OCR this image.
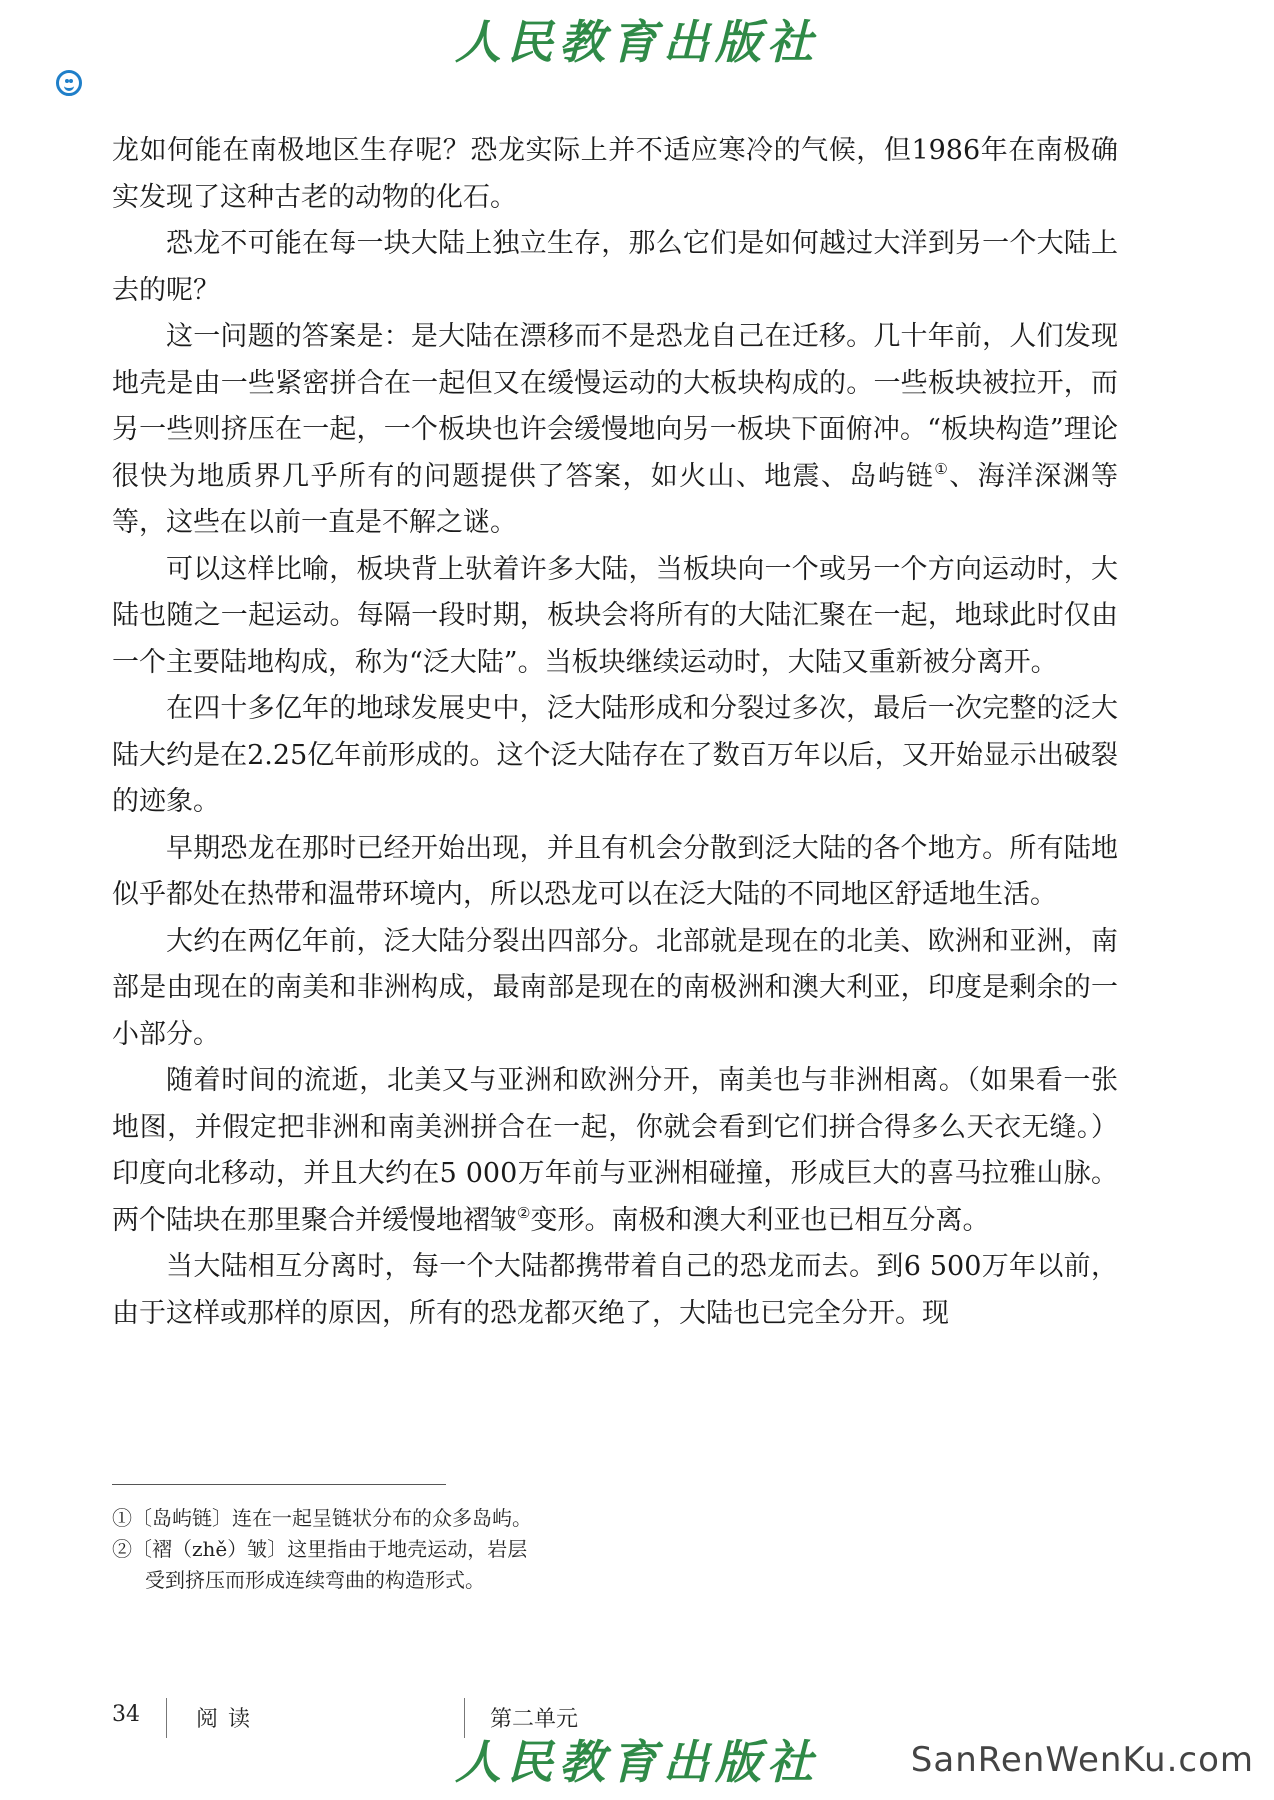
人民教育出版社

龙如何能在南极地区生存呢？恐龙实际上并不适应寒冷的气候，但1986年在南极确实发现了这种古老的动物的化石。

恐龙不可能在每一块大陆上独立生存，那么它们是如何越过大洋到另一个大陆上去的呢？

这一问题的答案是：是大陆在漂移而不是恐龙自己在迁移。几十年前，人们发现地壳是由一些紧密拼合在一起但又在缓慢运动的大板块构成的。一些板块被拉开，而另一些则挤压在一起，一个板块也许会缓慢地向另一板块下面俯冲。“板块构造”理论很快为地质界几乎所有的问题提供了答案，如火山、地震、岛屿链①、海洋深渊等等，这些在以前一直是不解之谜。

可以这样比喻，板块背上驮着许多大陆，当板块向一个或另一个方向运动时，大陆也随之一起运动。每隔一段时期，板块会将所有的大陆汇聚在一起，地球此时仅由一个主要陆地构成，称为“泛大陆”。当板块继续运动时，大陆又重新被分离开。

在四十多亿年的地球发展史中，泛大陆形成和分裂过多次，最后一次完整的泛大陆大约是在2.25亿年前形成的。这个泛大陆存在了数百万年以后，又开始显示出破裂的迹象。

早期恐龙在那时已经开始出现，并且有机会分散到泛大陆的各个地方。所有陆地似乎都处在热带和温带环境内，所以恐龙可以在泛大陆的不同地区舒适地生活。

大约在两亿年前，泛大陆分裂出四部分。北部就是现在的北美、欧洲和亚洲，南部是由现在的南美和非洲构成，最南部是现在的南极洲和澳大利亚，印度是剩余的一小部分。

随着时间的流逝，北美又与亚洲和欧洲分开，南美也与非洲相离。（如果看一张地图，并假定把非洲和南美洲拼合在一起，你就会看到它们拼合得多么天衣无缝。）印度向北移动，并且大约在5 000万年前与亚洲相碰撞，形成巨大的喜马拉雅山脉。两个陆块在那里聚合并缓慢地褶皱②变形。南极和澳大利亚也已相互分离。

当大陆相互分离时，每一个大陆都携带着自己的恐龙而去。到6 500万年以前，由于这样或那样的原因，所有的恐龙都灭绝了，大陆也已完全分开。现

①〔岛屿链〕连在一起呈链状分布的众多岛屿。

②〔褶（zhě）皱〕这里指由于地壳运动，岩层

受到挤压而形成连续弯曲的构造形式。

34	阅读	第二单元
人民教育出版社	SanRenWenKu.com
